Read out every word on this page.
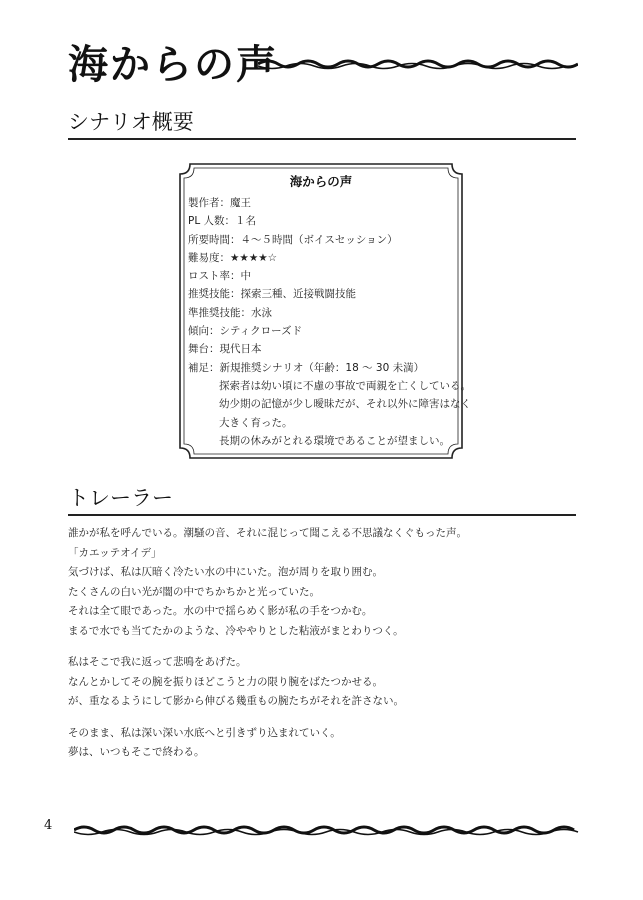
海からの声
シナリオ概要
海からの声
製作者：魔王
PL 人数：１名
所要時間：４～５時間（ボイスセッション）
難易度：★★★★☆
ロスト率：中
推奨技能：探索三種、近接戦闘技能
準推奨技能：水泳
傾向：シティクローズド
舞台：現代日本
補足：新規推奨シナリオ（年齢：18 ～ 30 未満）
探索者は幼い頃に不慮の事故で両親を亡くしている。
幼少期の記憶が少し曖昧だが、それ以外に障害はなく
大きく育った。
長期の休みがとれる環境であることが望ましい。
トレーラー
誰かが私を呼んでいる。潮騒の音、それに混じって聞こえる不思議なくぐもった声。
「カエッテオイデ」
気づけば、私は仄暗く冷たい水の中にいた。泡が周りを取り囲む。
たくさんの白い光が闇の中でちかちかと光っていた。
それは全て眼であった。水の中で揺らめく影が私の手をつかむ。
まるで水でも当てたかのような、冷ややりとした粘液がまとわりつく。
私はそこで我に返って悲鳴をあげた。
なんとかしてその腕を振りほどこうと力の限り腕をばたつかせる。
が、重なるようにして影から伸びる幾重もの腕たちがそれを許さない。
そのまま、私は深い深い水底へと引きずり込まれていく。
夢は、いつもそこで終わる。
4
